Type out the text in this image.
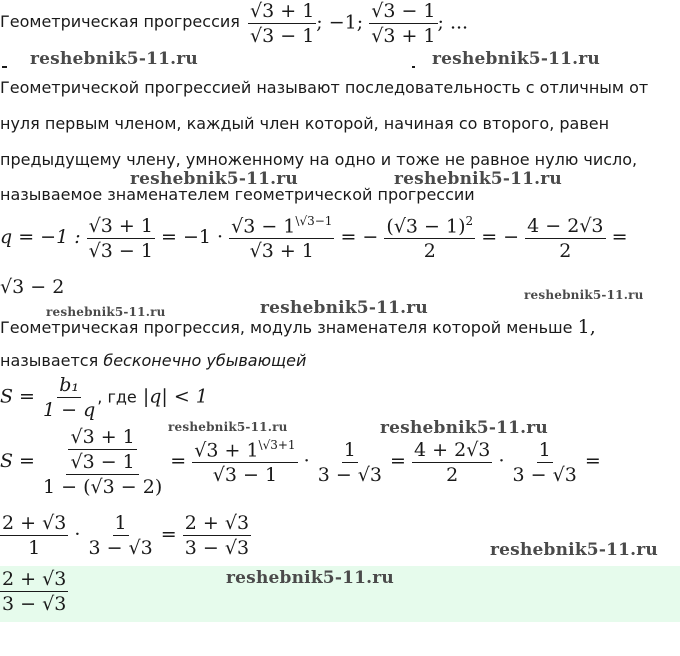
Геометрическая прогрессия $\frac{√3 + 1}{√3 - 1}$ ; −1; $\frac{√3 - 1}{√3 + 1}$ ; ...
reshebnik5-11.ru	reshebnik5-11.ru
Геометрической прогрессией называют последовательность с отличным от
нуля первым членом, каждый член которой, начиная со второго, равен
предыдущему члену, умноженному на одно и тоже не равное нулю число,
называемое знаменателем геометрической прогрессии
reshebnik5-11.ru	reshebnik5-11.ru
q = −1 : $\frac{√3 + 1}{√3 - 1} = -1 \cdot \frac{√3 - 1^{\backslash√3-1}}{√3 + 1}$ = − $\frac{(√3 - 1)^2}{2}$ = − $\frac{4 - 2√3}{2}$ =
√3 − 2
reshebnik5-11.ru	reshebnik5-11.ru
reshebnik5-11.ru
Геометрическая прогрессия, модуль знаменателя которой меньше 1,
называется бесконечно убывающей
$S = \frac{\text{b₁}}{1 - q}$ , где |q| < 1
reshebnik5-11.ru	reshebnik5-11.ru
$S = \frac{\frac{√3 + 1}{√3 - 1}}{1 - (√3 - 2)} = \frac{√3 + 1^{\backslash√3+1}}{√3 - 1} \cdot \frac{1}{3 - √3} = \frac{4 + 2√3}{2} \cdot \frac{1}{3 - √3}$ =
$\frac{2 + √3}{1} \cdot \frac{1}{3 - √3} = \frac{2 + √3}{3 - √3}$	reshebnik5-11.ru
$\frac{2 + √3}{3 - √3}$	reshebnik5-11.ru
